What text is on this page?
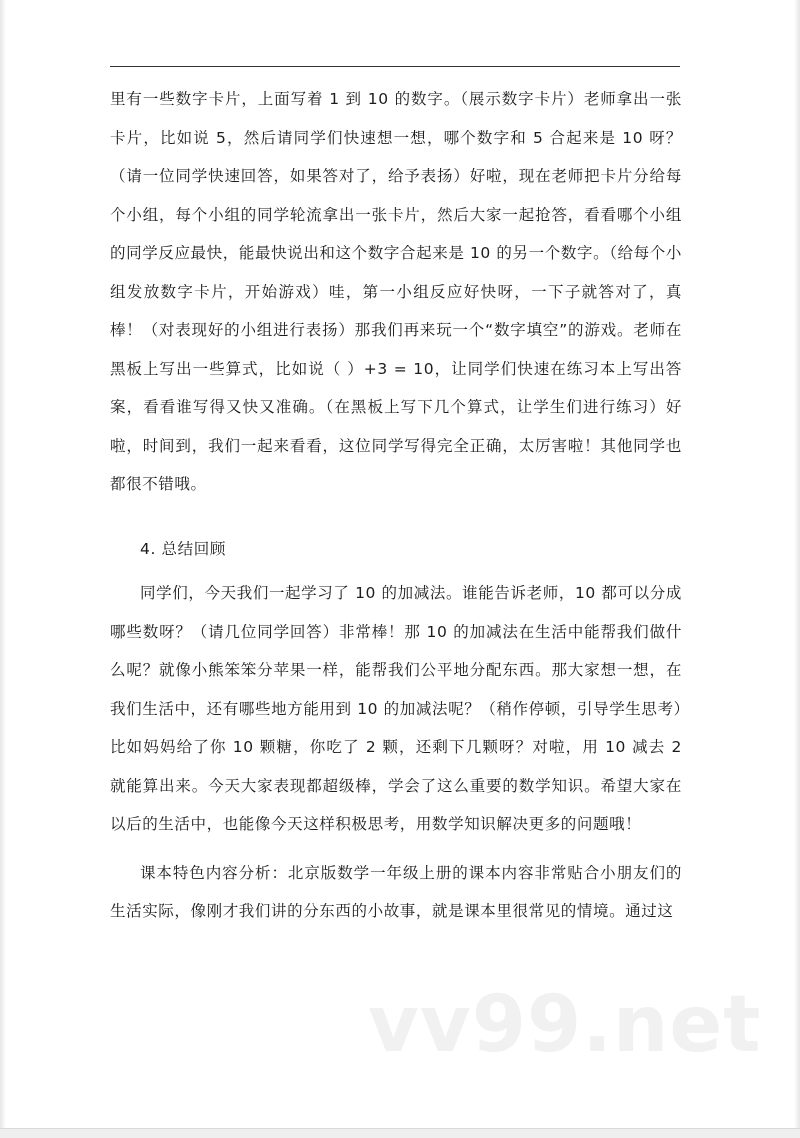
里有一些数字卡片，上面写着 1 到 10 的数字。（展示数字卡片）老师拿出一张卡片，比如说 5，然后请同学们快速想一想，哪个数字和 5 合起来是 10 呀？（请一位同学快速回答，如果答对了，给予表扬）好啦，现在老师把卡片分给每个小组，每个小组的同学轮流拿出一张卡片，然后大家一起抢答，看看哪个小组的同学反应最快，能最快说出和这个数字合起来是 10 的另一个数字。（给每个小组发放数字卡片，开始游戏）哇，第一小组反应好快呀，一下子就答对了，真棒！（对表现好的小组进行表扬）那我们再来玩一个“数字填空”的游戏。老师在黑板上写出一些算式，比如说（ ）+3 = 10，让同学们快速在练习本上写出答案，看看谁写得又快又准确。（在黑板上写下几个算式，让学生们进行练习）好啦，时间到，我们一起来看看，这位同学写得完全正确，太厉害啦！其他同学也都很不错哦。

4. 总结回顾

同学们，今天我们一起学习了 10 的加减法。谁能告诉老师，10 都可以分成哪些数呀？（请几位同学回答）非常棒！那 10 的加减法在生活中能帮我们做什么呢？就像小熊笨笨分苹果一样，能帮我们公平地分配东西。那大家想一想，在我们生活中，还有哪些地方能用到 10 的加减法呢？（稍作停顿，引导学生思考）比如妈妈给了你 10 颗糖，你吃了 2 颗，还剩下几颗呀？对啦，用 10 减去 2 就能算出来。今天大家表现都超级棒，学会了这么重要的数学知识。希望大家在以后的生活中，也能像今天这样积极思考，用数学知识解决更多的问题哦！

课本特色内容分析：北京版数学一年级上册的课本内容非常贴合小朋友们的生活实际，像刚才我们讲的分东西的小故事，就是课本里很常见的情境。通过这

vv99.net
